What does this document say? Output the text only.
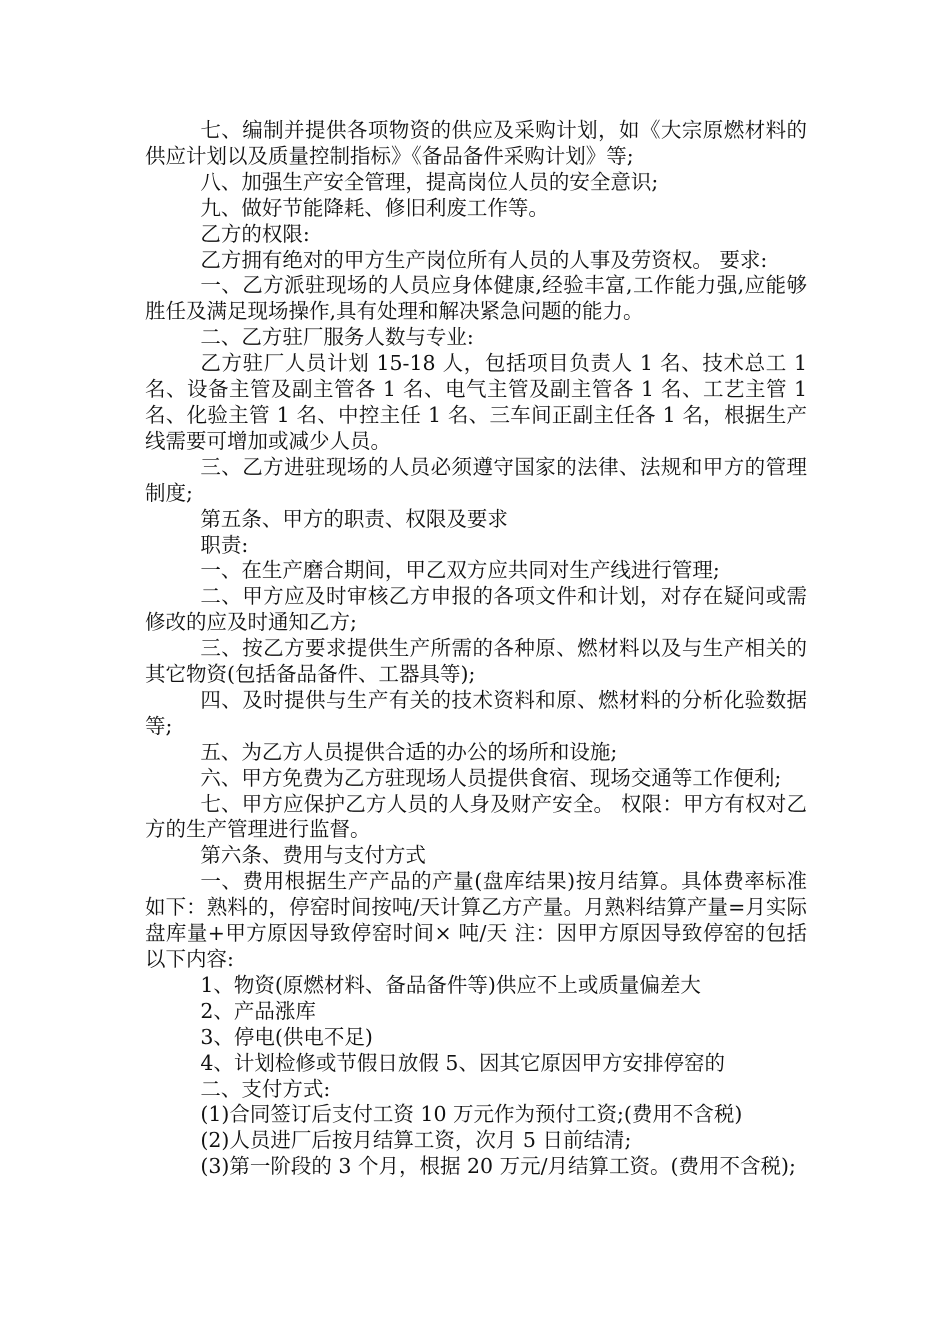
七、编制并提供各项物资的供应及采购计划，如《大宗原燃材料的供应计划以及质量控制指标》《备品备件采购计划》等;

八、加强生产安全管理，提高岗位人员的安全意识;

九、做好节能降耗、修旧利废工作等。

乙方的权限:

乙方拥有绝对的甲方生产岗位所有人员的人事及劳资权。 要求:

一、乙方派驻现场的人员应身体健康,经验丰富,工作能力强,应能够胜任及满足现场操作,具有处理和解决紧急问题的能力。

二、乙方驻厂服务人数与专业:

乙方驻厂人员计划 15-18 人，包括项目负责人 1 名、技术总工 1 名、设备主管及副主管各 1 名、电气主管及副主管各 1 名、工艺主管 1 名、化验主管 1 名、中控主任 1 名、三车间正副主任各 1 名，根据生产线需要可增加或减少人员。

三、乙方进驻现场的人员必须遵守国家的法律、法规和甲方的管理制度;

第五条、甲方的职责、权限及要求

职责:

一、在生产磨合期间，甲乙双方应共同对生产线进行管理;

二、甲方应及时审核乙方申报的各项文件和计划，对存在疑问或需修改的应及时通知乙方;

三、按乙方要求提供生产所需的各种原、燃材料以及与生产相关的其它物资(包括备品备件、工器具等);

四、及时提供与生产有关的技术资料和原、燃材料的分析化验数据等;

五、为乙方人员提供合适的办公的场所和设施;

六、甲方免费为乙方驻现场人员提供食宿、现场交通等工作便利;

七、甲方应保护乙方人员的人身及财产安全。 权限：甲方有权对乙方的生产管理进行监督。

第六条、费用与支付方式

一、费用根据生产产品的产量(盘库结果)按月结算。具体费率标准如下：熟料的，停窑时间按吨/天计算乙方产量。月熟料结算产量=月实际盘库量+甲方原因导致停窑时间× 吨/天 注：因甲方原因导致停窑的包括以下内容:

1、物资(原燃材料、备品备件等)供应不上或质量偏差大

2、产品涨库

3、停电(供电不足)

4、计划检修或节假日放假 5、因其它原因甲方安排停窑的

二、支付方式:

(1)合同签订后支付工资 10 万元作为预付工资;(费用不含税)

(2)人员进厂后按月结算工资，次月 5 日前结清;

(3)第一阶段的 3 个月，根据 20 万元/月结算工资。(费用不含税);
